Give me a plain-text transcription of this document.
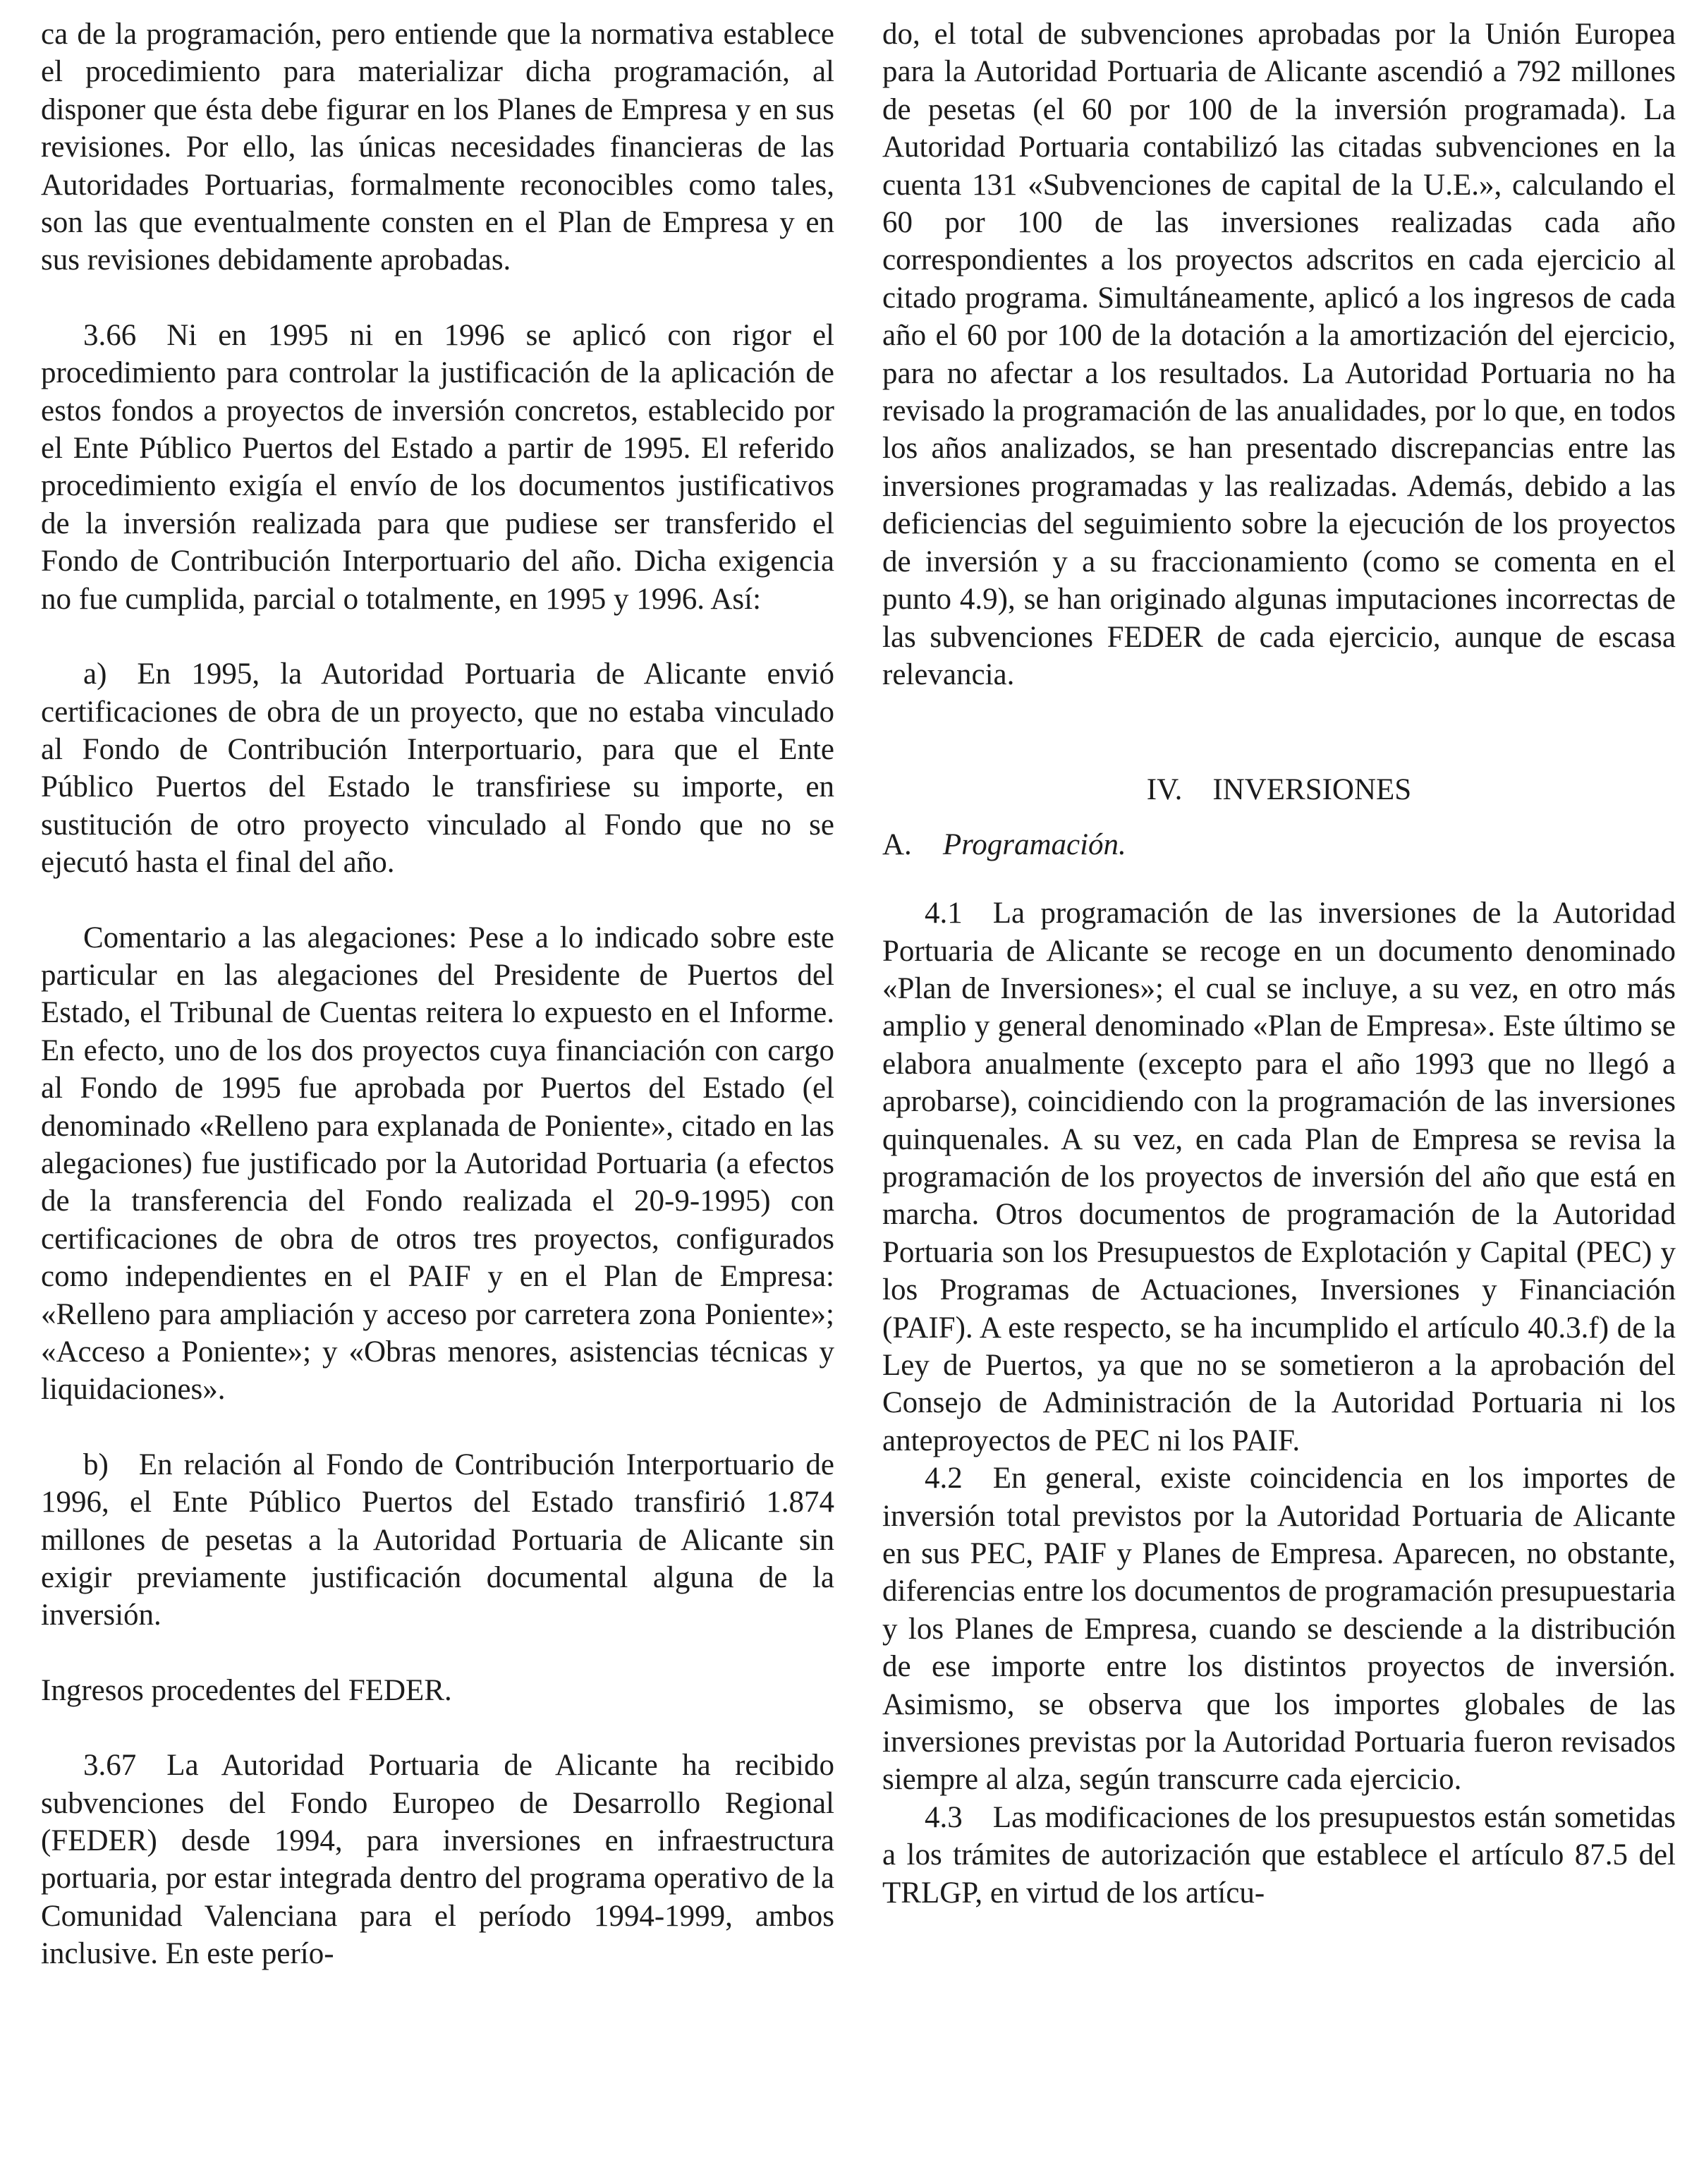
ca de la programación, pero entiende que la normativa establece el procedimiento para materializar dicha programación, al disponer que ésta debe figurar en los Planes de Empresa y en sus revisiones. Por ello, las únicas necesidades financieras de las Autoridades Portuarias, formalmente reconocibles como tales, son las que eventualmente consten en el Plan de Empresa y en sus revisiones debidamente aprobadas.

3.66 Ni en 1995 ni en 1996 se aplicó con rigor el procedimiento para controlar la justificación de la aplicación de estos fondos a proyectos de inversión concretos, establecido por el Ente Público Puertos del Estado a partir de 1995. El referido procedimiento exigía el envío de los documentos justificativos de la inversión realizada para que pudiese ser transferido el Fondo de Contribución Interportuario del año. Dicha exigencia no fue cumplida, parcial o totalmente, en 1995 y 1996. Así:

a) En 1995, la Autoridad Portuaria de Alicante envió certificaciones de obra de un proyecto, que no estaba vinculado al Fondo de Contribución Interportuario, para que el Ente Público Puertos del Estado le transfiriese su importe, en sustitución de otro proyecto vinculado al Fondo que no se ejecutó hasta el final del año.

Comentario a las alegaciones: Pese a lo indicado sobre este particular en las alegaciones del Presidente de Puertos del Estado, el Tribunal de Cuentas reitera lo expuesto en el Informe. En efecto, uno de los dos proyectos cuya financiación con cargo al Fondo de 1995 fue aprobada por Puertos del Estado (el denominado «Relleno para explanada de Poniente», citado en las alegaciones) fue justificado por la Autoridad Portuaria (a efectos de la transferencia del Fondo realizada el 20-9-1995) con certificaciones de obra de otros tres proyectos, configurados como independientes en el PAIF y en el Plan de Empresa: «Relleno para ampliación y acceso por carretera zona Poniente»; «Acceso a Poniente»; y «Obras menores, asistencias técnicas y liquidaciones».

b) En relación al Fondo de Contribución Interportuario de 1996, el Ente Público Puertos del Estado transfirió 1.874 millones de pesetas a la Autoridad Portuaria de Alicante sin exigir previamente justificación documental alguna de la inversión.

Ingresos procedentes del FEDER.

3.67 La Autoridad Portuaria de Alicante ha recibido subvenciones del Fondo Europeo de Desarrollo Regional (FEDER) desde 1994, para inversiones en infraestructura portuaria, por estar integrada dentro del programa operativo de la Comunidad Valenciana para el período 1994-1999, ambos inclusive. En este perío-

do, el total de subvenciones aprobadas por la Unión Europea para la Autoridad Portuaria de Alicante ascendió a 792 millones de pesetas (el 60 por 100 de la inversión programada). La Autoridad Portuaria contabilizó las citadas subvenciones en la cuenta 131 «Subvenciones de capital de la U.E.», calculando el 60 por 100 de las inversiones realizadas cada año correspondientes a los proyectos adscritos en cada ejercicio al citado programa. Simultáneamente, aplicó a los ingresos de cada año el 60 por 100 de la dotación a la amortización del ejercicio, para no afectar a los resultados. La Autoridad Portuaria no ha revisado la programación de las anualidades, por lo que, en todos los años analizados, se han presentado discrepancias entre las inversiones programadas y las realizadas. Además, debido a las deficiencias del seguimiento sobre la ejecución de los proyectos de inversión y a su fraccionamiento (como se comenta en el punto 4.9), se han originado algunas imputaciones incorrectas de las subvenciones FEDER de cada ejercicio, aunque de escasa relevancia.

IV. INVERSIONES

A. Programación.

4.1 La programación de las inversiones de la Autoridad Portuaria de Alicante se recoge en un documento denominado «Plan de Inversiones»; el cual se incluye, a su vez, en otro más amplio y general denominado «Plan de Empresa». Este último se elabora anualmente (excepto para el año 1993 que no llegó a aprobarse), coincidiendo con la programación de las inversiones quinquenales. A su vez, en cada Plan de Empresa se revisa la programación de los proyectos de inversión del año que está en marcha. Otros documentos de programación de la Autoridad Portuaria son los Presupuestos de Explotación y Capital (PEC) y los Programas de Actuaciones, Inversiones y Financiación (PAIF). A este respecto, se ha incumplido el artículo 40.3.f) de la Ley de Puertos, ya que no se sometieron a la aprobación del Consejo de Administración de la Autoridad Portuaria ni los anteproyectos de PEC ni los PAIF.

4.2 En general, existe coincidencia en los importes de inversión total previstos por la Autoridad Portuaria de Alicante en sus PEC, PAIF y Planes de Empresa. Aparecen, no obstante, diferencias entre los documentos de programación presupuestaria y los Planes de Empresa, cuando se desciende a la distribución de ese importe entre los distintos proyectos de inversión. Asimismo, se observa que los importes globales de las inversiones previstas por la Autoridad Portuaria fueron revisados siempre al alza, según transcurre cada ejercicio.

4.3 Las modificaciones de los presupuestos están sometidas a los trámites de autorización que establece el artículo 87.5 del TRLGP, en virtud de los artícu-
